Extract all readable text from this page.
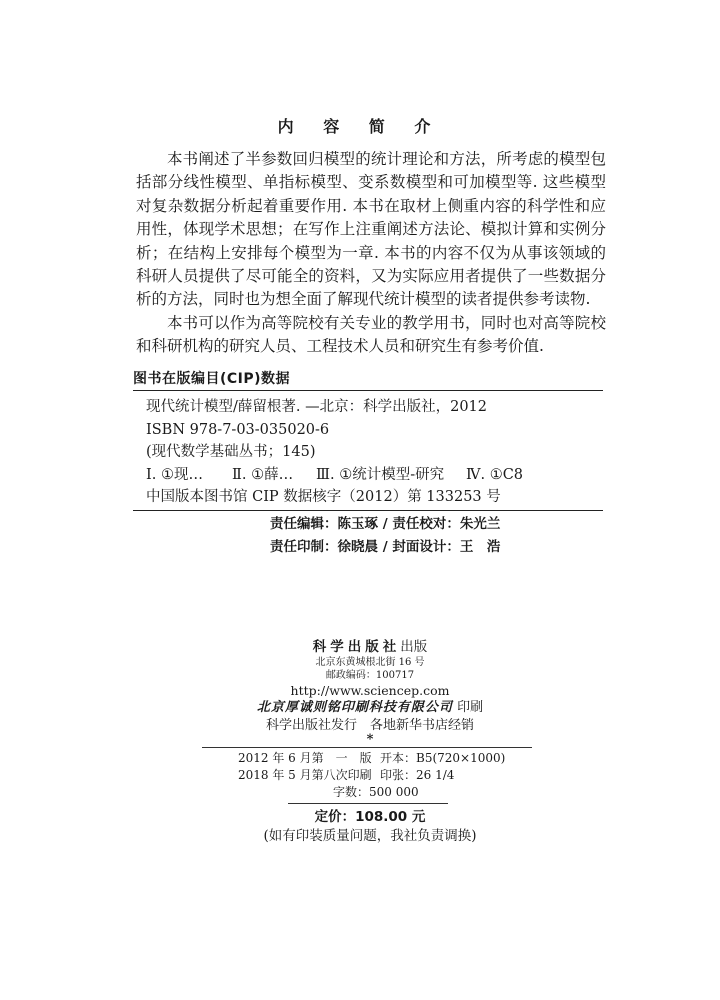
内 容 简 介

本书阐述了半参数回归模型的统计理论和方法，所考虑的模型包括部分线性模型、单指标模型、变系数模型和可加模型等. 这些模型对复杂数据分析起着重要作用. 本书在取材上侧重内容的科学性和应用性，体现学术思想；在写作上注重阐述方法论、模拟计算和实例分析；在结构上安排每个模型为一章. 本书的内容不仅为从事该领域的科研人员提供了尽可能全的资料，又为实际应用者提供了一些数据分析的方法，同时也为想全面了解现代统计模型的读者提供参考读物.

本书可以作为高等院校有关专业的教学用书，同时也对高等院校和科研机构的研究人员、工程技术人员和研究生有参考价值.

图书在版编目(CIP)数据
现代统计模型/薛留根著. —北京：科学出版社，2012
ISBN 978-7-03-035020-6
(现代数学基础丛书；145)
Ⅰ. ①现… Ⅱ. ①薛… Ⅲ. ①统计模型-研究 Ⅳ. ①C8
中国版本图书馆 CIP 数据核字（2012）第 133253 号
责任编辑：陈玉琢 / 责任校对：朱光兰
责任印制：徐晓晨 / 封面设计：王　浩
科学出版社出版
北京东黄城根北街 16 号
邮政编码：100717
http://www.sciencep.com
北京厚诚则铭印刷科技有限公司 印刷
科学出版社发行　各地新华书店经销
*
2012 年 6 月第　一　版 开本：B5(720×1000)
2018 年 5 月第八次印刷 印张：26 1/4
字数：500 000
定价：108.00 元
(如有印装质量问题，我社负责调换)
